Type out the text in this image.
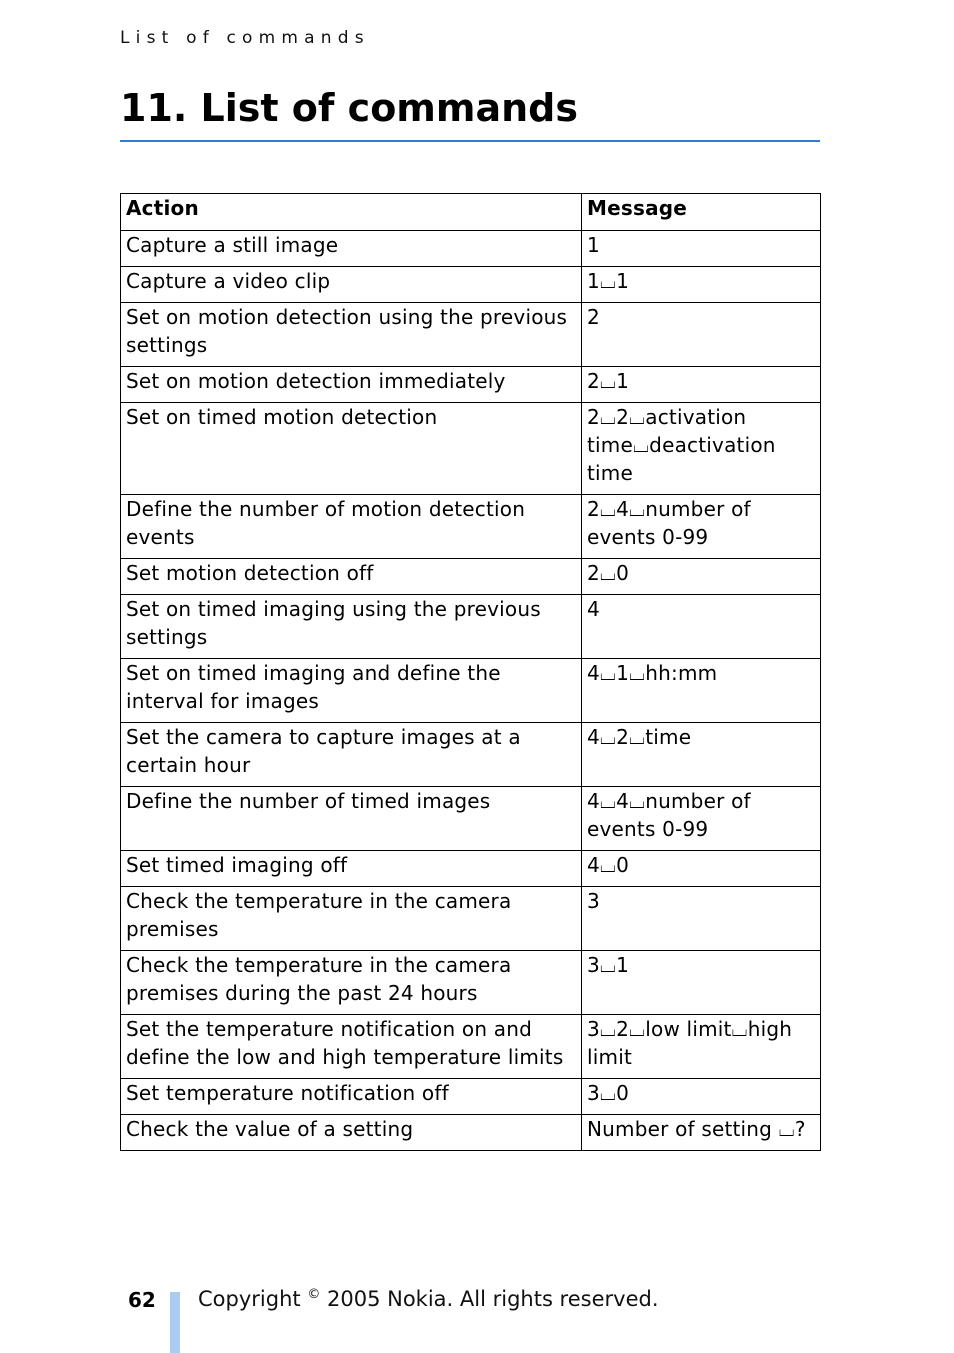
List of commands
11. List of commands
Action	Message
Capture a still image	1
Capture a video clip	1⌴1
Set on motion detection using the previous settings	2
Set on motion detection immediately	2⌴1
Set on timed motion detection	2⌴2⌴activation time⌴deactivation time
Define the number of motion detection events	2⌴4⌴number of events 0-99
Set motion detection off	2⌴0
Set on timed imaging using the previous settings	4
Set on timed imaging and define the interval for images	4⌴1⌴hh:mm
Set the camera to capture images at a certain hour	4⌴2⌴time
Define the number of timed images	4⌴4⌴number of events 0-99
Set timed imaging off	4⌴0
Check the temperature in the camera premises	3
Check the temperature in the camera premises during the past 24 hours	3⌴1
Set the temperature notification on and define the low and high temperature limits	3⌴2⌴low limit⌴high limit
Set temperature notification off	3⌴0
Check the value of a setting	Number of setting ⌴?
62 Copyright © 2005 Nokia. All rights reserved.
